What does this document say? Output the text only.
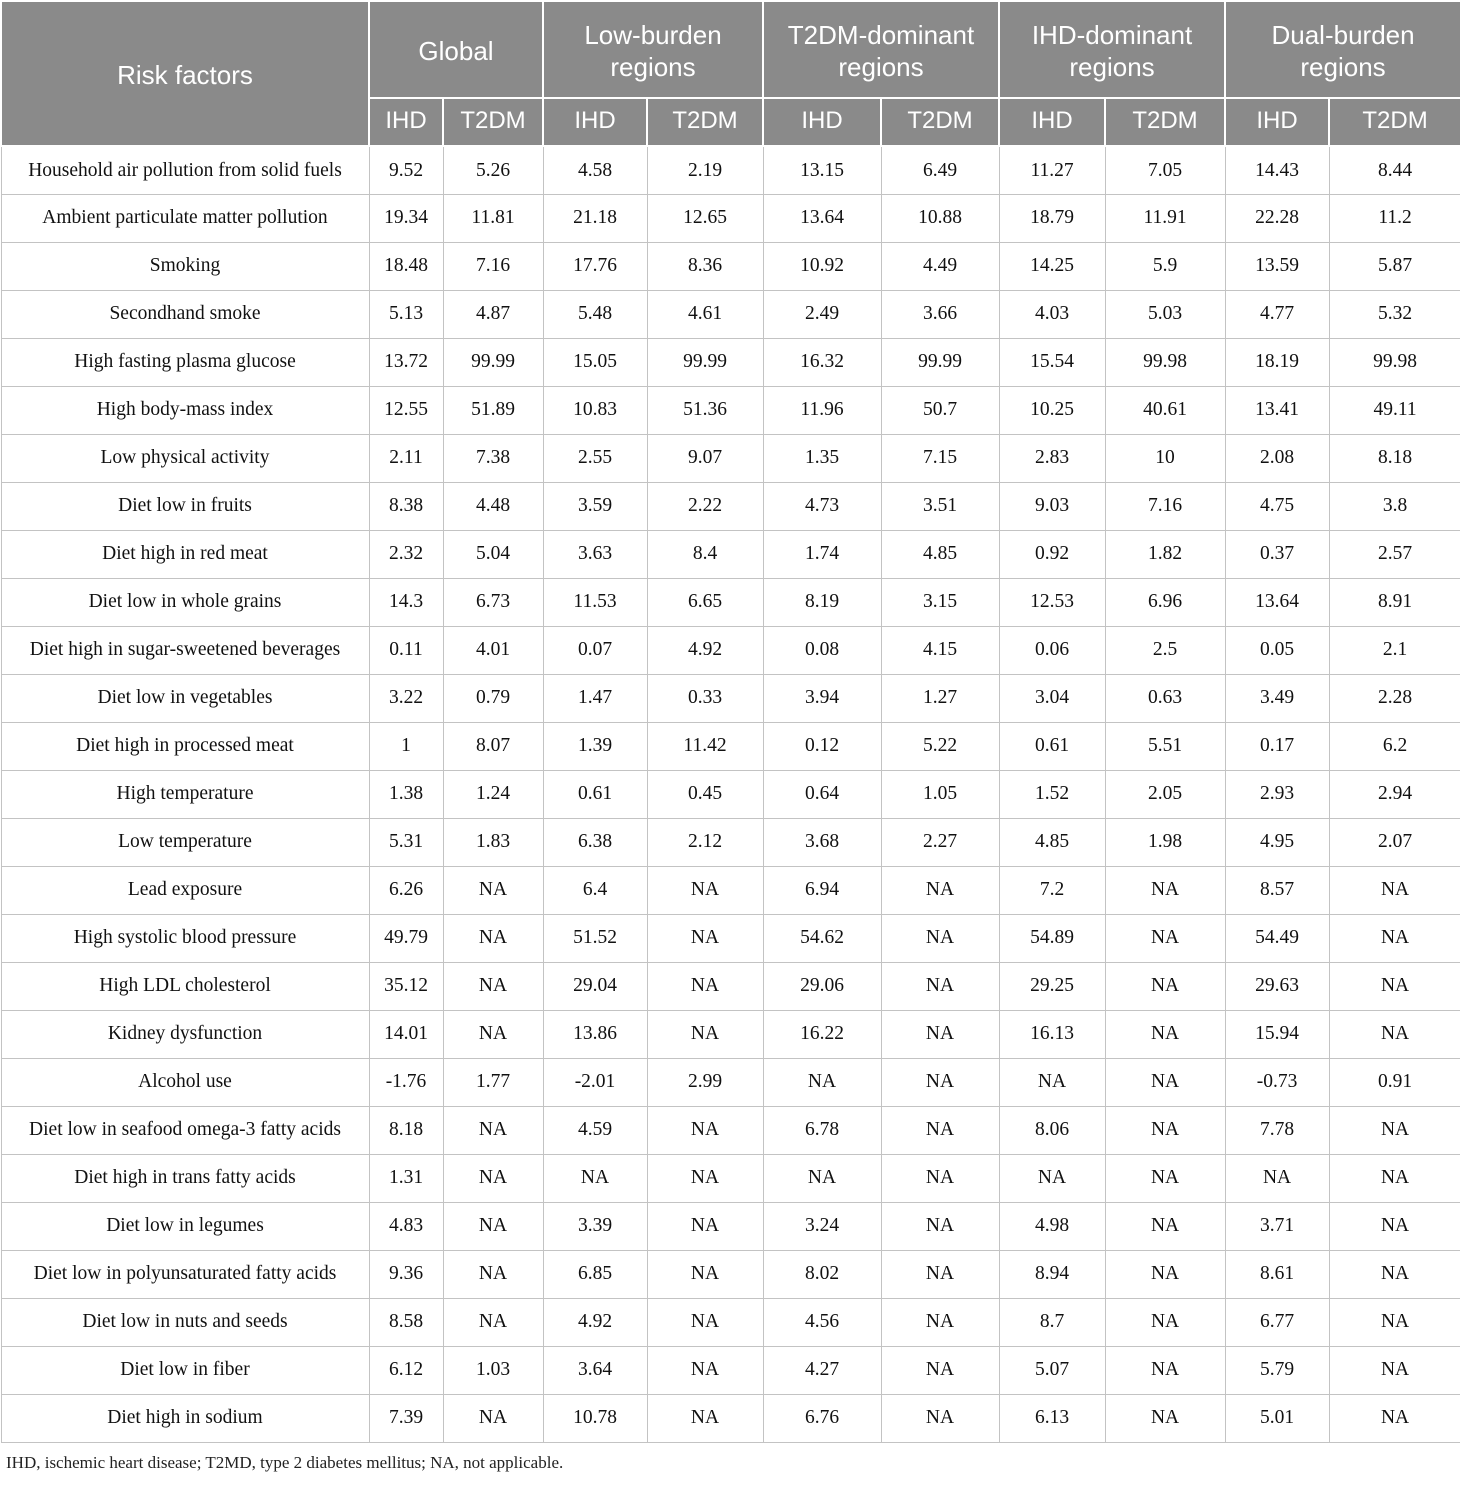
Risk factors	Global		Low-burden regions		T2DM-dominant regions		IHD-dominant regions		Dual-burden regions	
	IHD	T2DM	IHD	T2DM	IHD	T2DM	IHD	T2DM	IHD	T2DM
Household air pollution from solid fuels	9.52	5.26	4.58	2.19	13.15	6.49	11.27	7.05	14.43	8.44
Ambient particulate matter pollution	19.34	11.81	21.18	12.65	13.64	10.88	18.79	11.91	22.28	11.2
Smoking	18.48	7.16	17.76	8.36	10.92	4.49	14.25	5.9	13.59	5.87
Secondhand smoke	5.13	4.87	5.48	4.61	2.49	3.66	4.03	5.03	4.77	5.32
High fasting plasma glucose	13.72	99.99	15.05	99.99	16.32	99.99	15.54	99.98	18.19	99.98
High body-mass index	12.55	51.89	10.83	51.36	11.96	50.7	10.25	40.61	13.41	49.11
Low physical activity	2.11	7.38	2.55	9.07	1.35	7.15	2.83	10	2.08	8.18
Diet low in fruits	8.38	4.48	3.59	2.22	4.73	3.51	9.03	7.16	4.75	3.8
Diet high in red meat	2.32	5.04	3.63	8.4	1.74	4.85	0.92	1.82	0.37	2.57
Diet low in whole grains	14.3	6.73	11.53	6.65	8.19	3.15	12.53	6.96	13.64	8.91
Diet high in sugar-sweetened beverages	0.11	4.01	0.07	4.92	0.08	4.15	0.06	2.5	0.05	2.1
Diet low in vegetables	3.22	0.79	1.47	0.33	3.94	1.27	3.04	0.63	3.49	2.28
Diet high in processed meat	1	8.07	1.39	11.42	0.12	5.22	0.61	5.51	0.17	6.2
High temperature	1.38	1.24	0.61	0.45	0.64	1.05	1.52	2.05	2.93	2.94
Low temperature	5.31	1.83	6.38	2.12	3.68	2.27	4.85	1.98	4.95	2.07
Lead exposure	6.26	NA	6.4	NA	6.94	NA	7.2	NA	8.57	NA
High systolic blood pressure	49.79	NA	51.52	NA	54.62	NA	54.89	NA	54.49	NA
High LDL cholesterol	35.12	NA	29.04	NA	29.06	NA	29.25	NA	29.63	NA
Kidney dysfunction	14.01	NA	13.86	NA	16.22	NA	16.13	NA	15.94	NA
Alcohol use	-1.76	1.77	-2.01	2.99	NA	NA	NA	NA	-0.73	0.91
Diet low in seafood omega-3 fatty acids	8.18	NA	4.59	NA	6.78	NA	8.06	NA	7.78	NA
Diet high in trans fatty acids	1.31	NA	NA	NA	NA	NA	NA	NA	NA	NA
Diet low in legumes	4.83	NA	3.39	NA	3.24	NA	4.98	NA	3.71	NA
Diet low in polyunsaturated fatty acids	9.36	NA	6.85	NA	8.02	NA	8.94	NA	8.61	NA
Diet low in nuts and seeds	8.58	NA	4.92	NA	4.56	NA	8.7	NA	6.77	NA
Diet low in fiber	6.12	1.03	3.64	NA	4.27	NA	5.07	NA	5.79	NA
Diet high in sodium	7.39	NA	10.78	NA	6.76	NA	6.13	NA	5.01	NA
IHD, ischemic heart disease; T2MD, type 2 diabetes mellitus; NA, not applicable.
